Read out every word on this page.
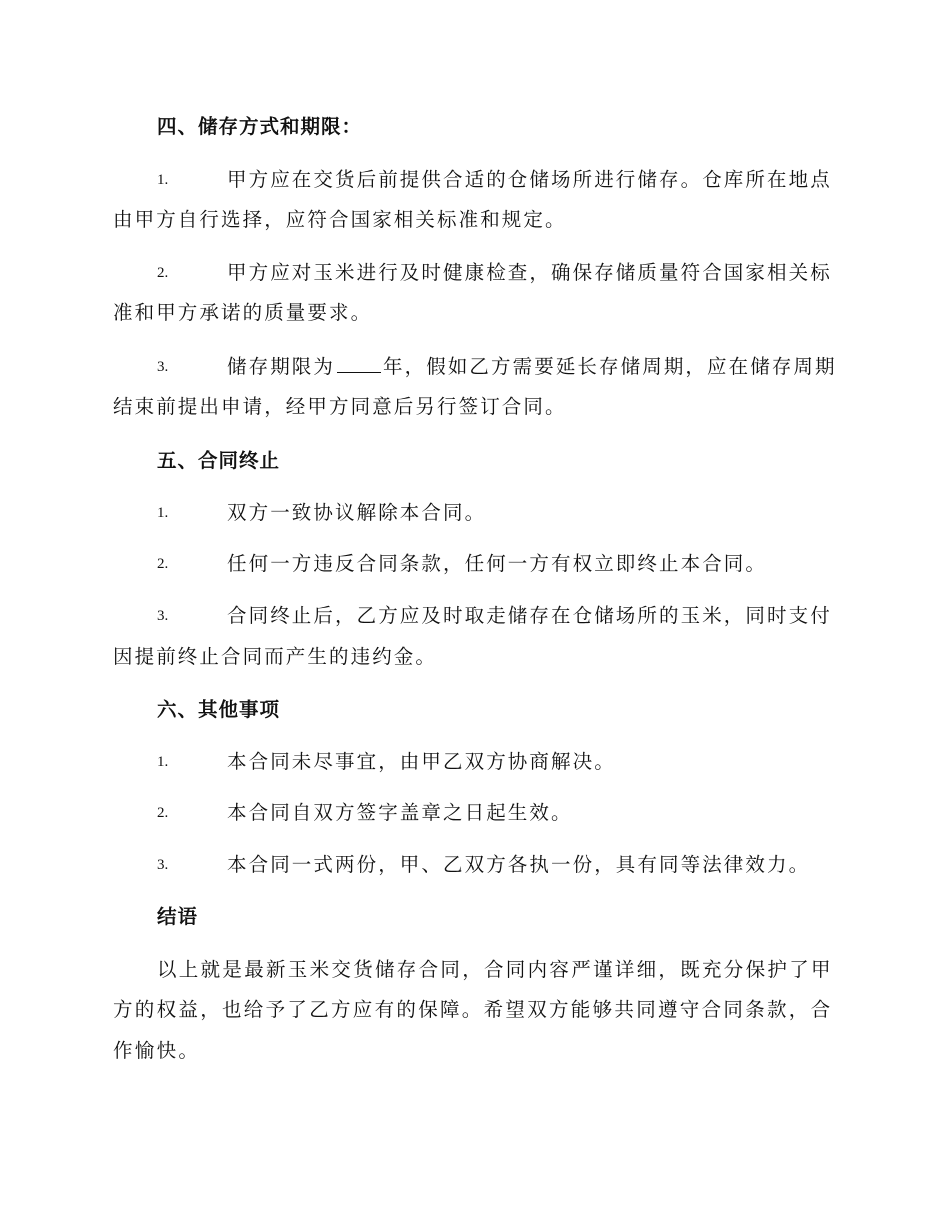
四、储存方式和期限：
1.	甲方应在交货后前提供合适的仓储场所进行储存。仓库所在地点
由甲方自行选择，应符合国家相关标准和规定。
2.	甲方应对玉米进行及时健康检查，确保存储质量符合国家相关标
准和甲方承诺的质量要求。
3.	储存期限为 年，假如乙方需要延长存储周期，应在储存周期
结束前提出申请，经甲方同意后另行签订合同。
五、合同终止
1.	双方一致协议解除本合同。
2.	任何一方违反合同条款，任何一方有权立即终止本合同。
3.	合同终止后，乙方应及时取走储存在仓储场所的玉米，同时支付
因提前终止合同而产生的违约金。
六、其他事项
1.	本合同未尽事宜，由甲乙双方协商解决。
2.	本合同自双方签字盖章之日起生效。
3.	本合同一式两份，甲、乙双方各执一份，具有同等法律效力。
结语
以上就是最新玉米交货储存合同，合同内容严谨详细，既充分保护了甲
方的权益，也给予了乙方应有的保障。希望双方能够共同遵守合同条款，合
作愉快。
